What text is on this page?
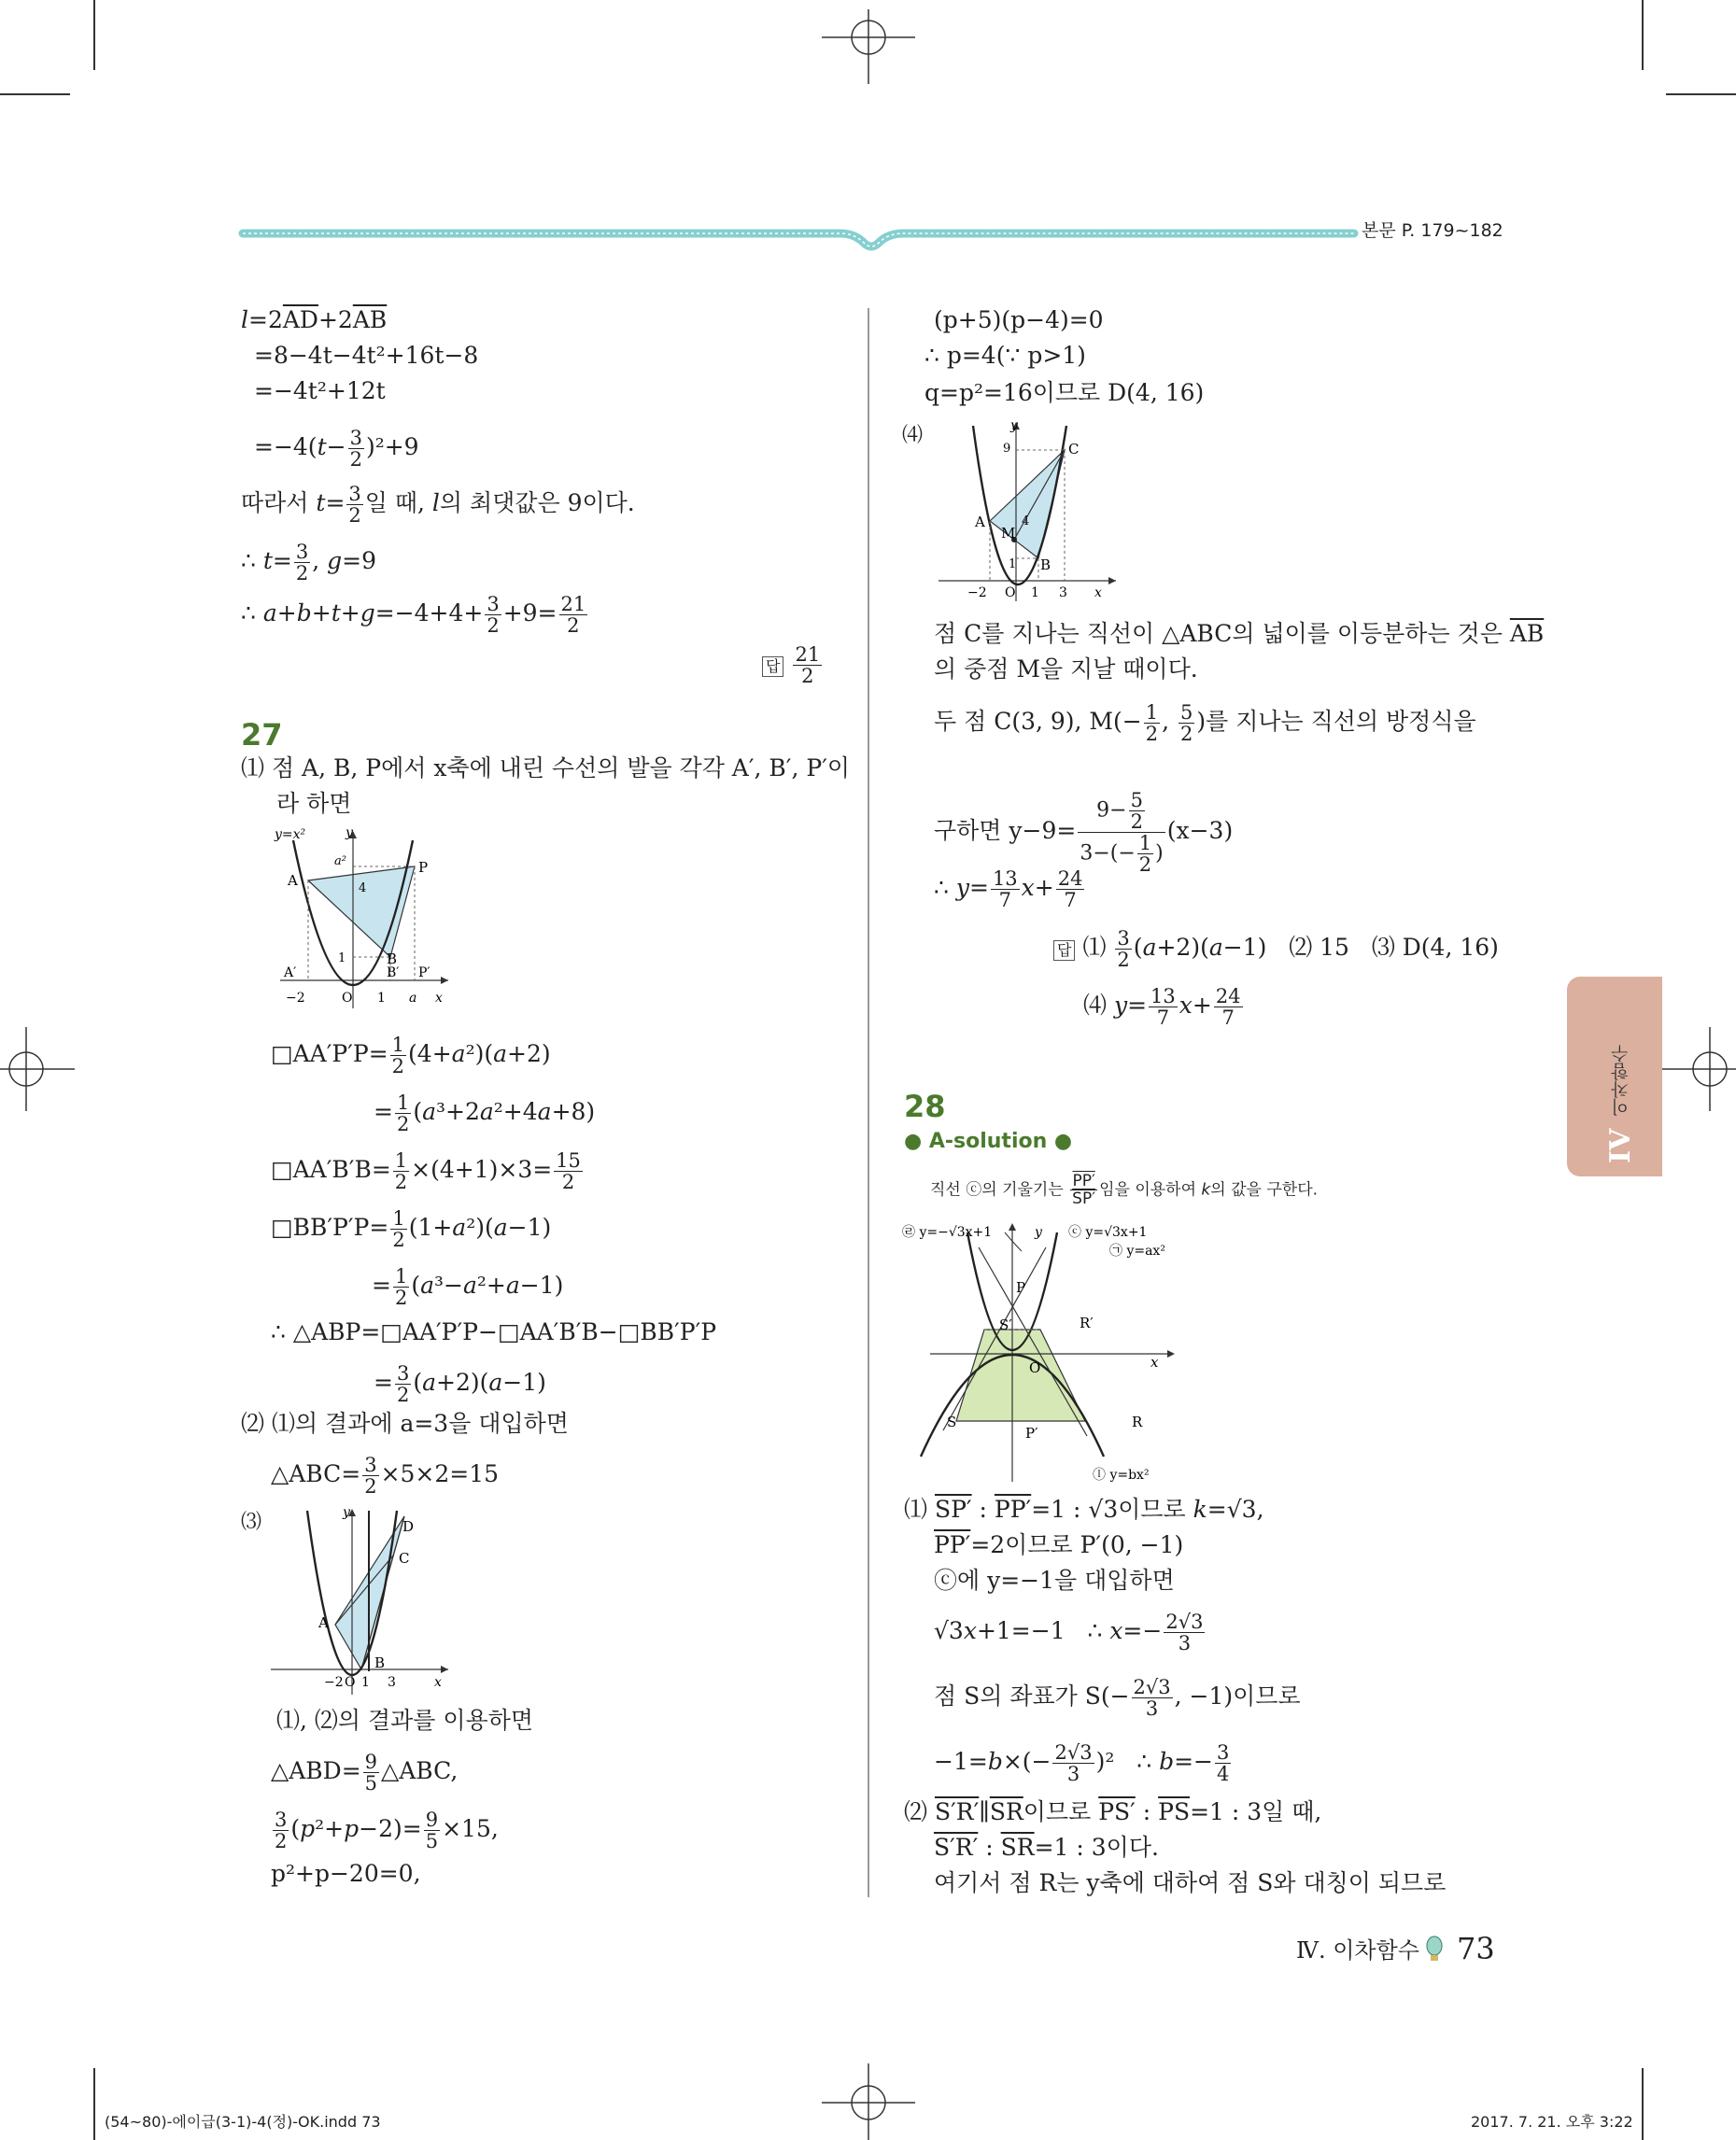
본문 P. 179~182
$l=2\overline{AD}+2\overline{AB}$
=8−4t−4t²+16t−8
=−4t²+12t
$=-4(t- \frac{3}{2} )^2+9$
따라서 $t= \frac{3}{2}$ 일 때, l의 최댓값은 9이다.
∴ $t= \frac{3}{2}$ , g=9
∴ $a+b+t+g=-4+4+ \frac{3}{2} +9= \frac{21}{2}$
답 $\frac{21}{2}$
27
⑴ 점 A, B, P에서 x축에 내린 수선의 발을 각각 A′, B′, P′이
라 하면
y=x²	y
a²
A
P
4
B
1
A′	B′ P′
−2	O 1 a x
□AA′P′P= $\frac{1}{2} (4+a^2)(a+2)$
= $\frac{1}{2} (a^3+2a^2+4a+8)$
□AA′B′B= $\frac{1}{2} \times(4+1)\times 3= \frac{15}{2}$
□BB′P′P= $\frac{1}{2} (1+a^2)(a-1)$
= $\frac{1}{2} (a^3-a^2+a-1)$
∴ △ABP=□AA′P′P−□AA′B′B−□BB′P′P
= $\frac{3}{2} (a+2)(a-1)$
⑵ ⑴의 결과에 a=3을 대입하면
△ABC= $\frac{3}{2} \times 5\times 2=15$
⑶	y
D
C
A
B
−2 O 1 3	x
⑴, ⑵의 결과를 이용하면
△ABD= $\frac{9}{5}$ △ABC,
$\frac{3}{2} (p^2+p-2)= \frac{9}{5} \times 15$,
p²+p−20=0,
(p+5)(p−4)=0
∴ p=4(∵ p>1)
q=p²=16이므로 D(4, 16)
⑷	y
9	C
A	4
M
1 B
−2 O 1 3 x
점 C를 지나는 직선이 △ABC의 넓이를 이등분하는 것은 $\overline{AB}$
의 중점 M을 지날 때이다.
두 점 C(3, 9), $M(- \frac{1}{2}$ , $\frac{5}{2}$ )를 지나는 직선의 방정식을
구하면 $y-9= \frac{9- \frac{5}{2}}{3-(- \frac{1}{2} )} (x-3)$
∴ $y= \frac{13}{7} x+ \frac{24}{7}$
답 ⑴ $\frac{3}{2} (a+2)(a-1)$   ⑵ 15 ⑶ D(4, 16)
⑷ $y= \frac{13}{7} x+ \frac{24}{7}$
28
● A-solution ●
직선 ⓒ의 기울기는 $\frac{PP'}{SP'}$ 임을 이용하여 k의 값을 구한다.
㉣ y=−√3x+1	y ⓒ y=√3x+1
㉠ y=ax²
P
S′	R′
O	x
S	R
P′
ⓛ y=bx²
⑴ SP′ : PP′=1 : √3이므로 k=√3,
PP′=2이므로 P′(0, −1)
ⓒ에 y=−1을 대입하면
√3x+1=−1   ∴ $x=- \frac{2√3}{3}$
점 S의 좌표가 $S(- \frac{2√3}{3}$ , −1)이므로
$-1=b\times(- \frac{2√3}{3} )^2$   ∴ $b=- \frac{3}{4}$
⑵ $S'R'\parallel\overline{SR}$이므로 PS′ : $\overline{PS}=1$ : 3일 때,
S′R′ : $\overline{SR}=1$ : 3이다.
여기서 점 R는 y축에 대하여 점 S와 대칭이 되므로
IV 이차함수
Ⅳ. 이차함수 73
(54~80)-에이급(3-1)-4(정)-OK.indd 73	2017. 7. 21. 오후 3:22
